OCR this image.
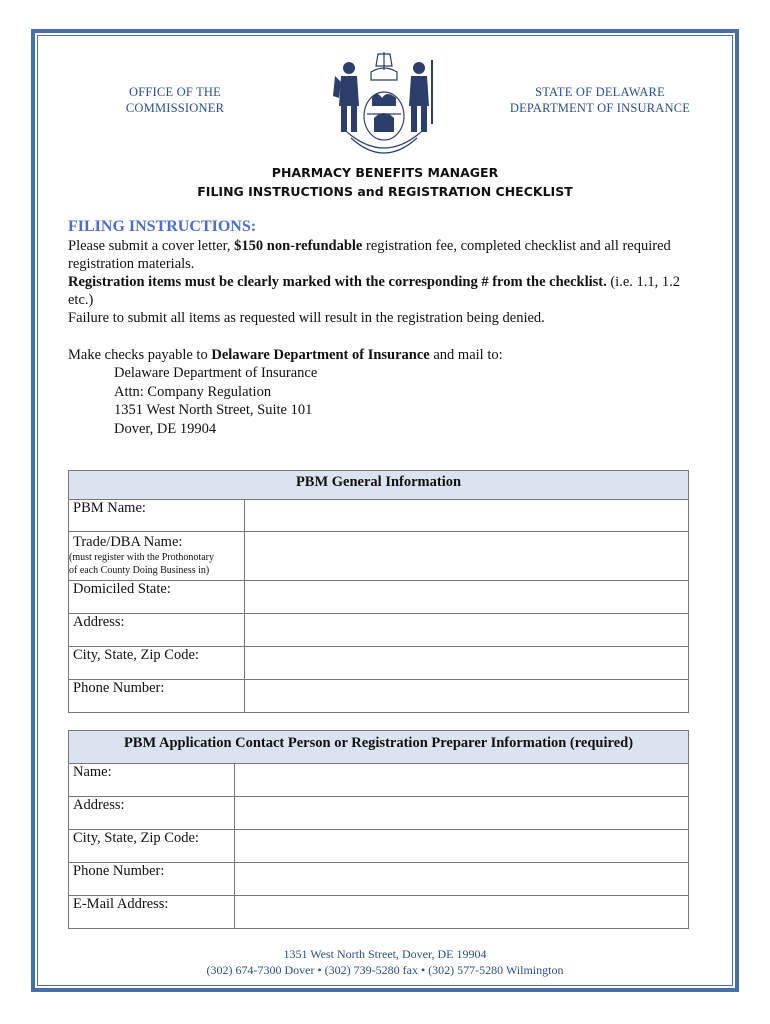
OFFICE OF THE
COMMISSIONER
STATE OF DELAWARE
DEPARTMENT OF INSURANCE
PHARMACY BENEFITS MANAGER
FILING INSTRUCTIONS and REGISTRATION CHECKLIST
FILING INSTRUCTIONS:
Please submit a cover letter, $150 non-refundable registration fee, completed checklist and all required registration materials.
Registration items must be clearly marked with the corresponding # from the checklist. (i.e. 1.1, 1.2 etc.)
Failure to submit all items as requested will result in the registration being denied.
Make checks payable to Delaware Department of Insurance and mail to:
Delaware Department of Insurance
Attn: Company Regulation
1351 West North Street, Suite 101
Dover, DE 19904
PBM General Information	
PBM Name:	

Trade/DBA Name:
(must register with the Prothonotary
of each County Doing Business in)	

Domiciled State:	
Address:	
City, State, Zip Code:	
Phone Number:	
PBM Application Contact Person or Registration Preparer Information (required)	
Name:	
Address:	
City, State, Zip Code:	
Phone Number:	
E-Mail Address:	
1351 West North Street, Dover, DE 19904
(302) 674-7300 Dover • (302) 739-5280 fax • (302) 577-5280 Wilmington
